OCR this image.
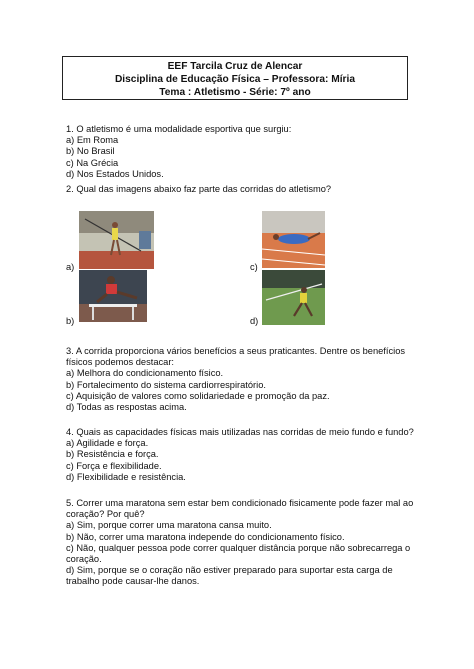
EEF Tarcila Cruz de Alencar
Disciplina de Educação Física – Professora: Míria
Tema : Atletismo - Série: 7º ano
1. O atletismo é uma modalidade esportiva que surgiu:
a) Em Roma
b) No Brasil
c) Na Grécia
d) Nos Estados Unidos.
2. Qual das imagens abaixo faz parte das corridas do atletismo?
a)	c)
b)	d)
3. A corrida proporciona vários benefícios a seus praticantes. Dentre os benefícios
físicos podemos destacar:
a) Melhora do condicionamento físico.
b) Fortalecimento do sistema cardiorrespiratório.
c) Aquisição de valores como solidariedade e promoção da paz.
d) Todas as respostas acima.
4. Quais as capacidades físicas mais utilizadas nas corridas de meio fundo e fundo?
a) Agilidade e força.
b) Resistência e força.
c) Força e flexibilidade.
d) Flexibilidade e resistência.
5. Correr uma maratona sem estar bem condicionado fisicamente pode fazer mal ao
coração? Por quê?
a) Sim, porque correr uma maratona cansa muito.
b) Não, correr uma maratona independe do condicionamento físico.
c) Não, qualquer pessoa pode correr qualquer distância porque não sobrecarrega o
coração.
d) Sim, porque se o coração não estiver preparado para suportar esta carga de
trabalho pode causar-lhe danos.
